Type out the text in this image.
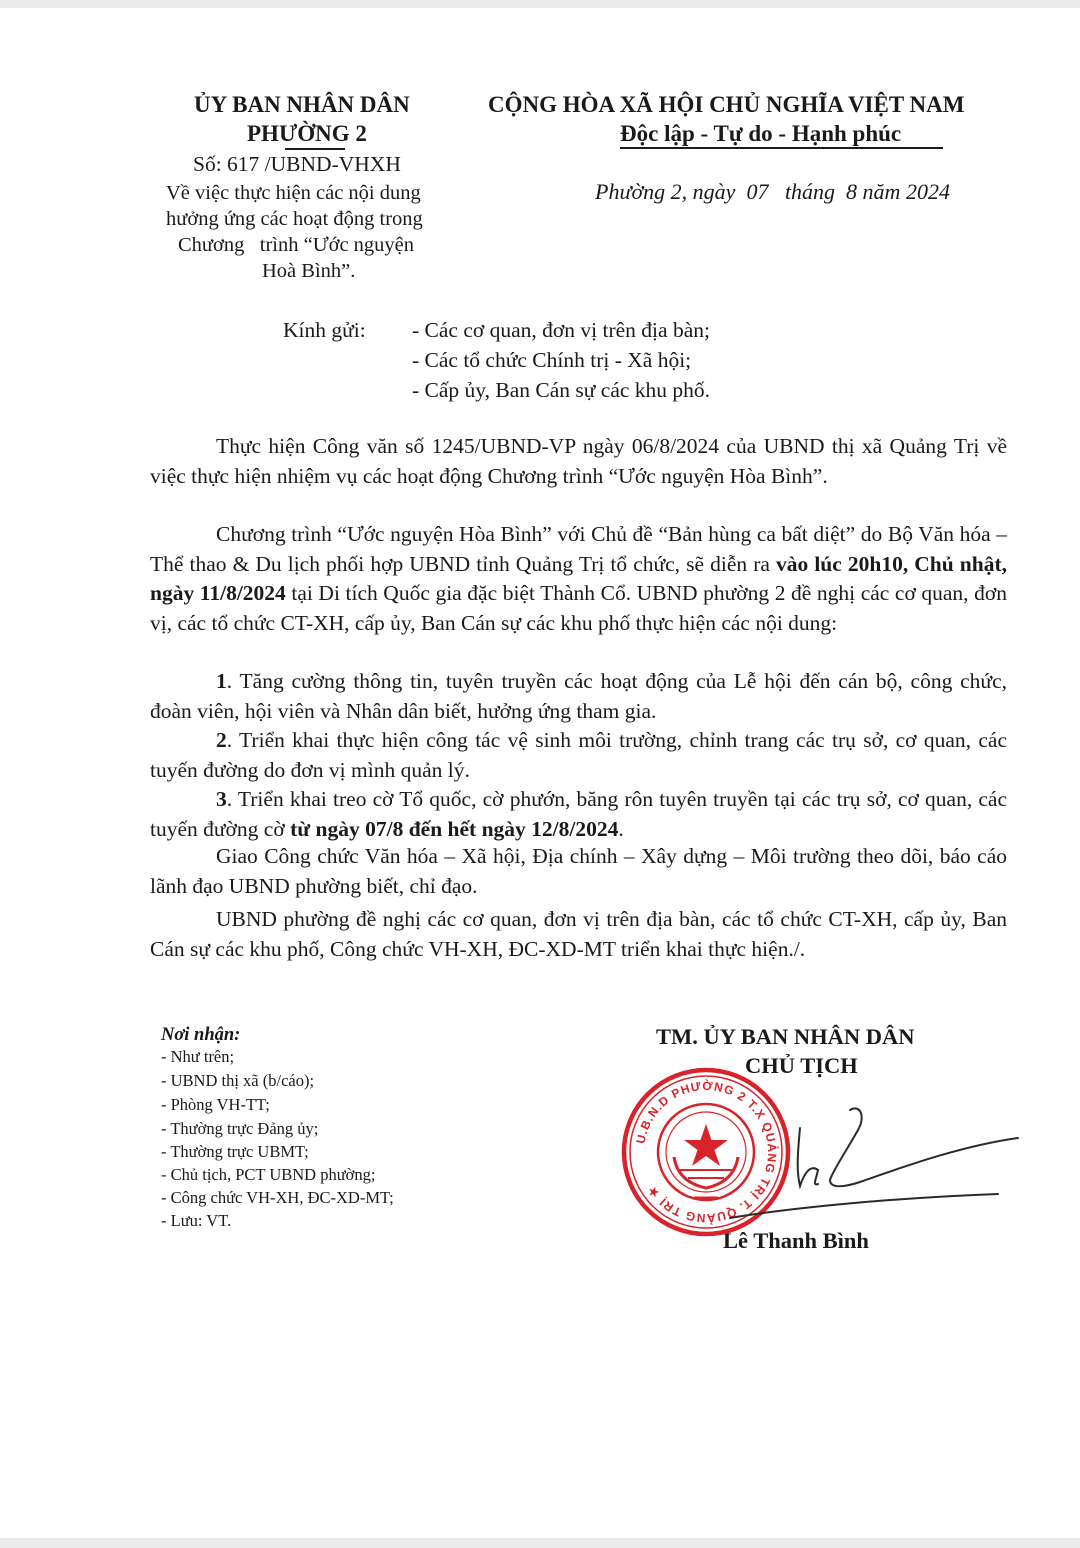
ỦY BAN NHÂN DÂN
PHƯỜNG 2
Số: 617 /UBND-VHXH
Về việc thực hiện các nội dung
hưởng ứng các hoạt động trong
Chương   trình “Ước nguyện
Hoà Bình”.
CỘNG HÒA XÃ HỘI CHỦ NGHĨA VIỆT NAM
Độc lập - Tự do - Hạnh phúc
Phường 2, ngày  07   tháng  8 năm 2024
Kính gửi: - Các cơ quan, đơn vị trên địa bàn;
- Các tổ chức Chính trị - Xã hội;
- Cấp ủy, Ban Cán sự các khu phố.

Thực hiện Công văn số 1245/UBND-VP ngày 06/8/2024 của UBND thị xã Quảng Trị về việc thực hiện nhiệm vụ các hoạt động Chương trình “Ước nguyện Hòa Bình”.

Chương trình “Ước nguyện Hòa Bình” với Chủ đề “Bản hùng ca bất diệt” do Bộ Văn hóa – Thể thao & Du lịch phối hợp UBND tỉnh Quảng Trị tổ chức, sẽ diễn ra vào lúc 20h10, Chủ nhật, ngày 11/8/2024 tại Di tích Quốc gia đặc biệt Thành Cổ. UBND phường 2 đề nghị các cơ quan, đơn vị, các tổ chức CT-XH, cấp ủy, Ban Cán sự các khu phố thực hiện các nội dung:

1. Tăng cường thông tin, tuyên truyền các hoạt động của Lễ hội đến cán bộ, công chức, đoàn viên, hội viên và Nhân dân biết, hưởng ứng tham gia.

2. Triển khai thực hiện công tác vệ sinh môi trường, chỉnh trang các trụ sở, cơ quan, các tuyến đường do đơn vị mình quản lý.

3. Triển khai treo cờ Tổ quốc, cờ phướn, băng rôn tuyên truyền tại các trụ sở, cơ quan, các tuyến đường cờ từ ngày 07/8 đến hết ngày 12/8/2024.

Giao Công chức Văn hóa – Xã hội, Địa chính – Xây dựng – Môi trường theo dõi, báo cáo lãnh đạo UBND phường biết, chỉ đạo.

UBND phường đề nghị các cơ quan, đơn vị trên địa bàn, các tổ chức CT-XH, cấp ủy, Ban Cán sự các khu phố, Công chức VH-XH, ĐC-XD-MT triển khai thực hiện./.

Nơi nhận:
- Như trên;
- UBND thị xã (b/cáo);
- Phòng VH-TT;
- Thường trực Đảng ủy;
- Thường trực UBMT;
- Chủ tịch, PCT UBND phường;
- Công chức VH-XH, ĐC-XD-MT;
- Lưu: VT.
TM. ỦY BAN NHÂN DÂN
CHỦ TỊCH
Lê Thanh Bình
U.B.N.D PHƯỜNG 2 T.X QUẢNG TRỊ T. QUẢNG TRỊ ★
